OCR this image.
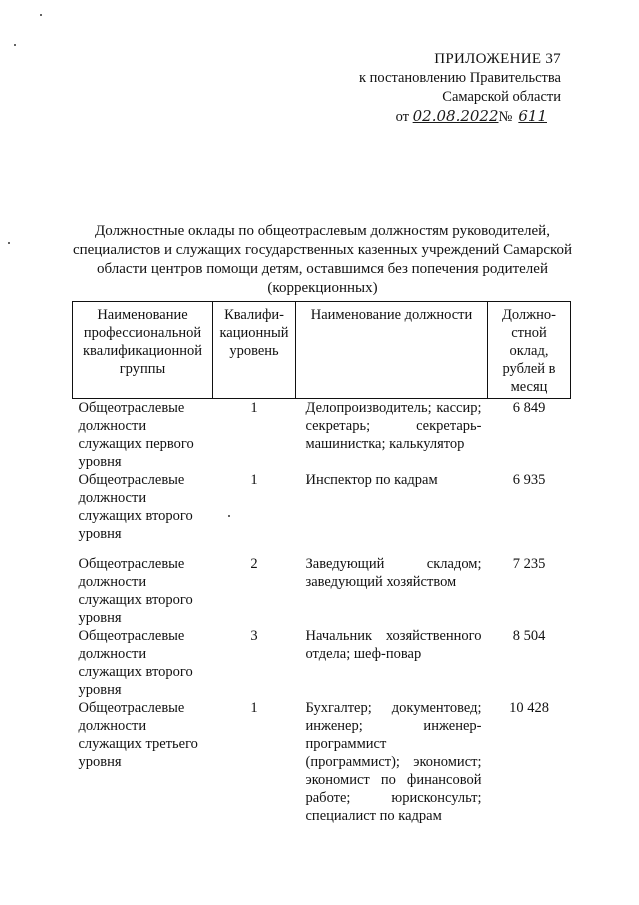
ПРИЛОЖЕНИЕ 37
к постановлению Правительства
Самарской области
от 02.08.2022№ 611
Должностные оклады по общеотраслевым должностям руководителей, специалистов и служащих государственных казенных учреждений Самарской области центров помощи детям, оставшимся без попечения родителей (коррекционных)
Наименование профессиональной квалификационной группы	Квалифи-кационный уровень	Наименование должности	Должно-стной оклад, рублей в месяц
Общеотраслевые должности служащих первого уровня	1	Делопроизводитель; кассир; секретарь; секретарь-машинистка; калькулятор	6 849
Общеотраслевые должности служащих второго уровня	1	Инспектор по кадрам	6 935
Общеотраслевые должности служащих второго уровня	2	Заведующий складом; заведующий хозяйством	7 235
Общеотраслевые должности служащих второго уровня	3	Начальник хозяйственного отдела; шеф-повар	8 504
Общеотраслевые должности служащих третьего уровня	1	Бухгалтер; документовед; инженер; инженер-программист (программист); экономист; экономист по финансовой работе; юрисконсульт; специалист по кадрам	10 428
